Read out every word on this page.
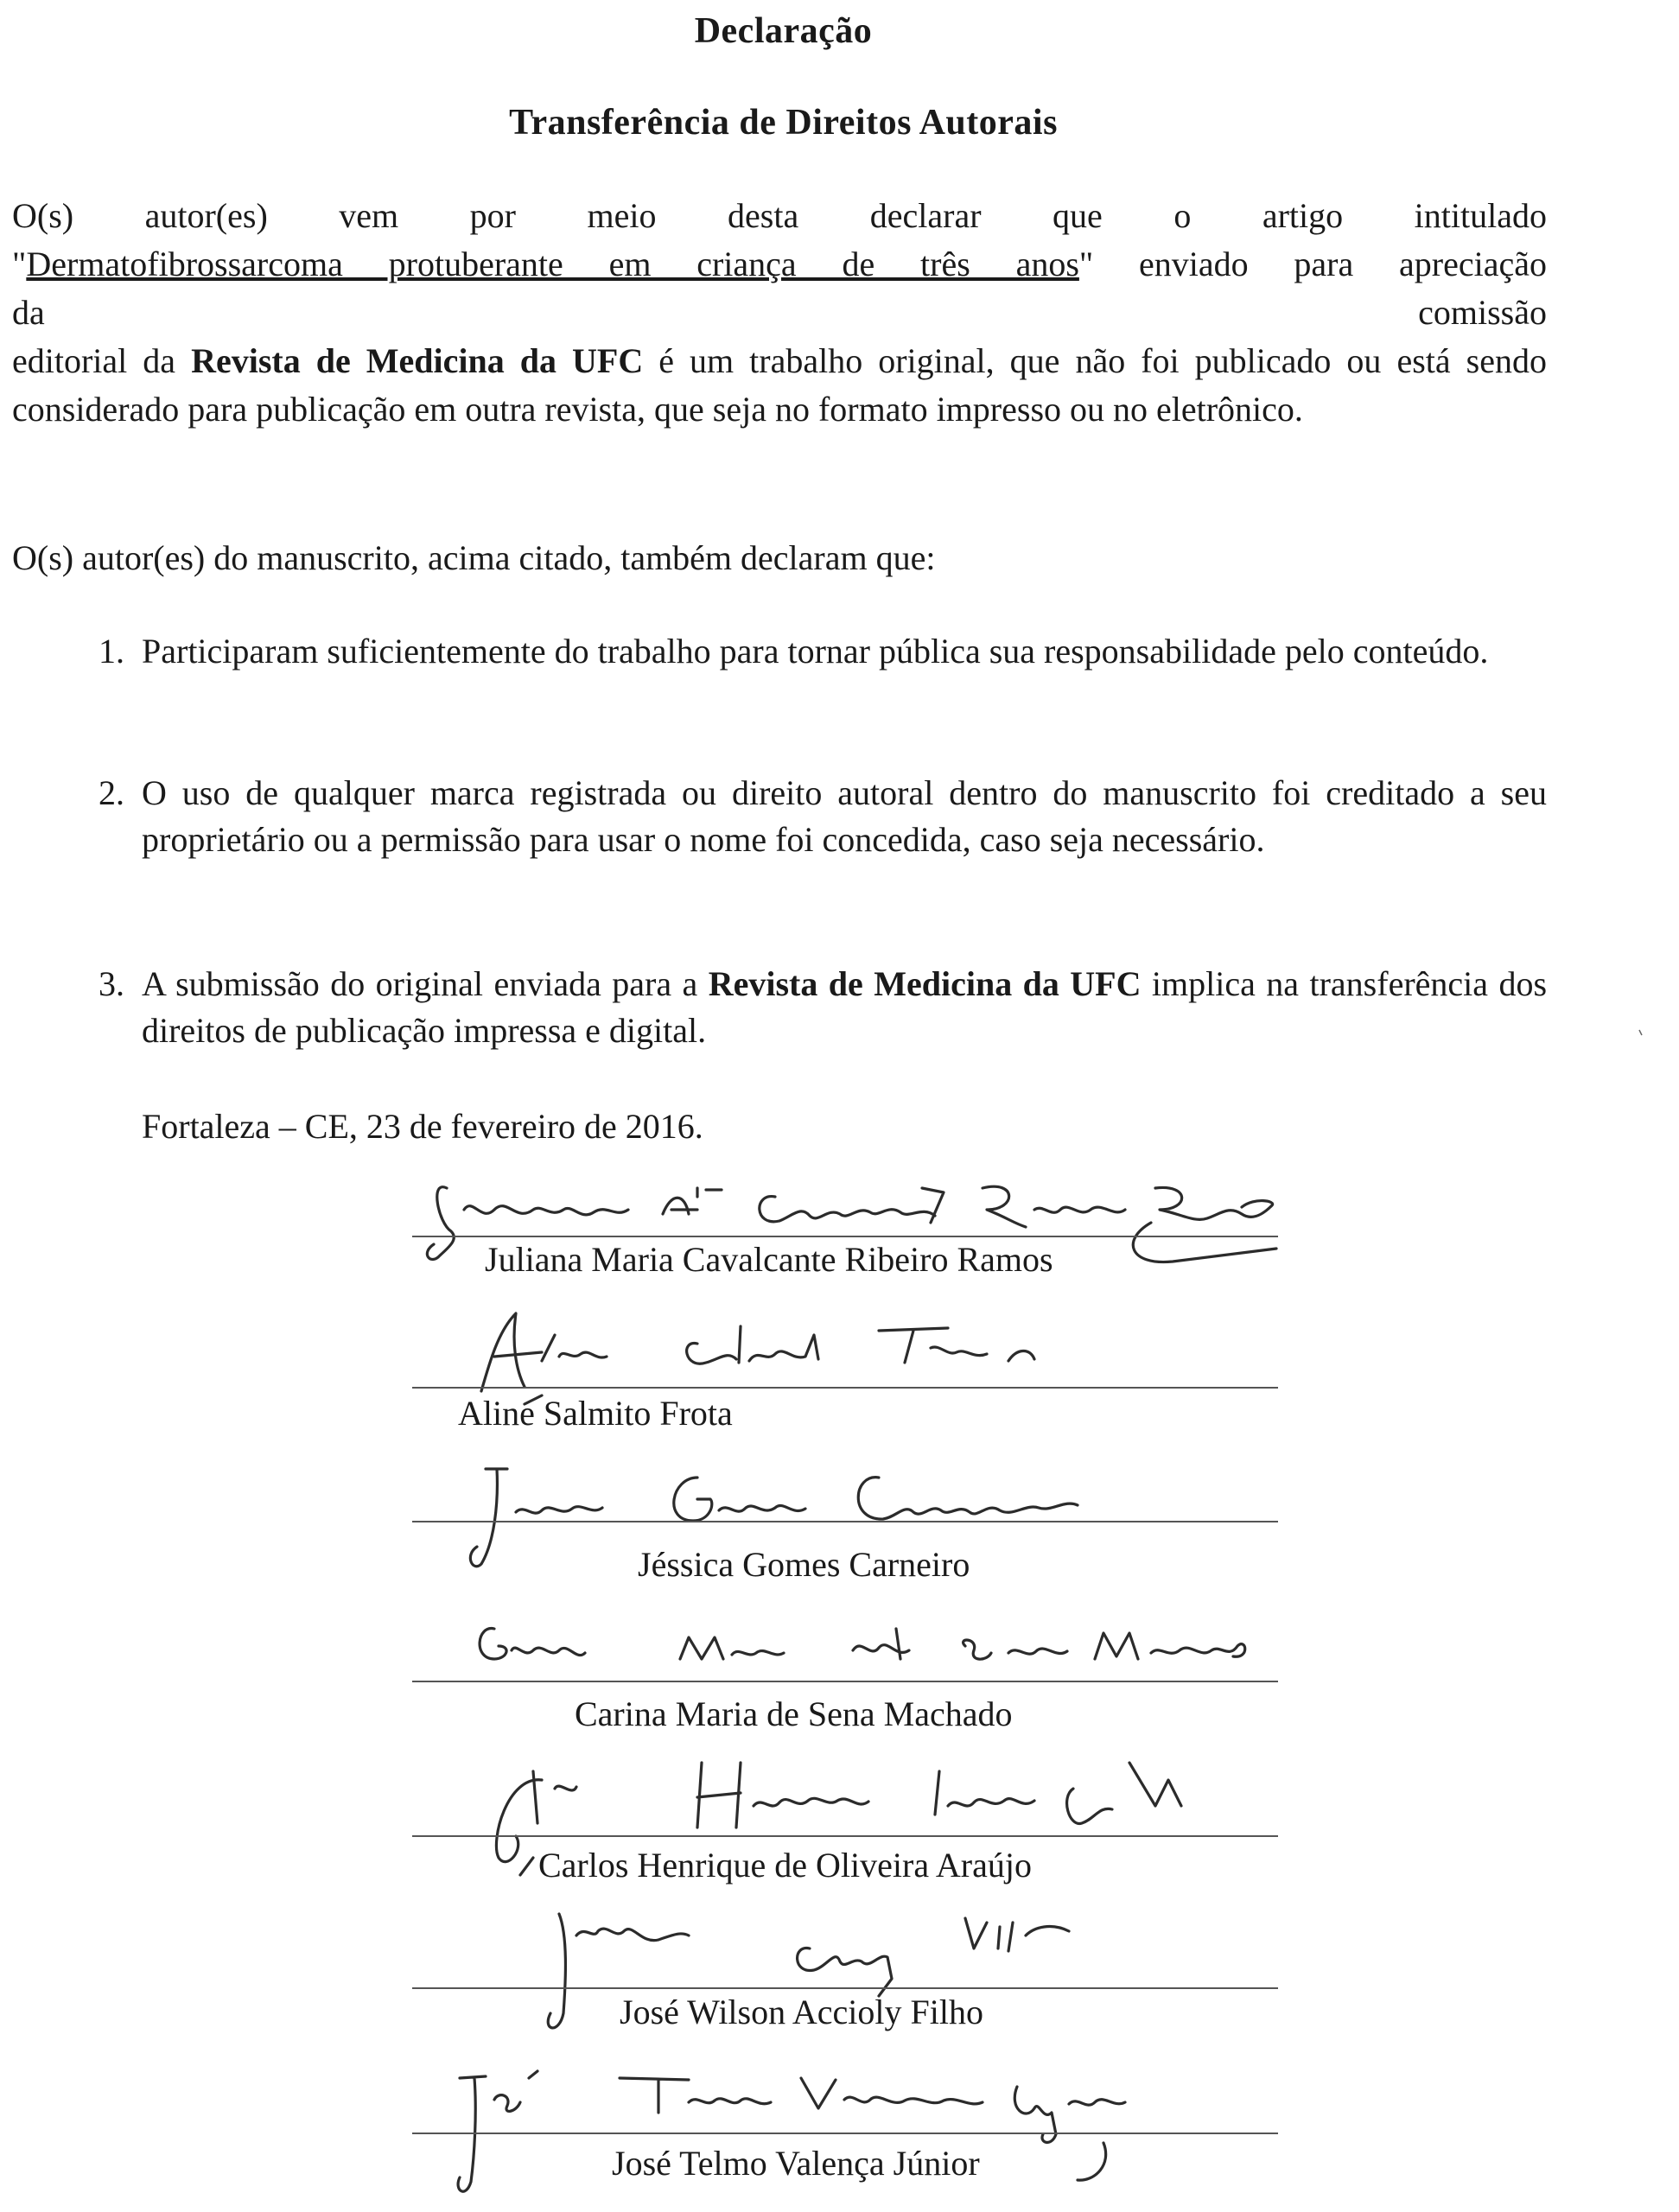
Declaração
Transferência de Direitos Autorais
O(s) autor(es) vem por meio desta declarar que o artigo intitulado
"Dermatofibrossarcoma protuberante em criança de três anos" enviado para apreciação
da	comissão
editorial da Revista de Medicina da UFC é um trabalho original, que não foi publicado ou está sendo considerado para publicação em outra revista, que seja no formato impresso ou no eletrônico.
O(s) autor(es) do manuscrito, acima citado, também declaram que:
1. Participaram suficientemente do trabalho para tornar pública sua responsabilidade pelo conteúdo.
2. O uso de qualquer marca registrada ou direito autoral dentro do manuscrito foi creditado a seu proprietário ou a permissão para usar o nome foi concedida, caso seja necessário.
3. A submissão do original enviada para a Revista de Medicina da UFC implica na transferência dos direitos de publicação impressa e digital.
Fortaleza – CE, 23 de fevereiro de 2016.
Juliana Maria Cavalcante Ribeiro Ramos
Aline Salmito Frota
Jéssica Gomes Carneiro
Carina Maria de Sena Machado
Carlos Henrique de Oliveira Araújo
José Wilson Accioly Filho
José Telmo Valença Júnior
